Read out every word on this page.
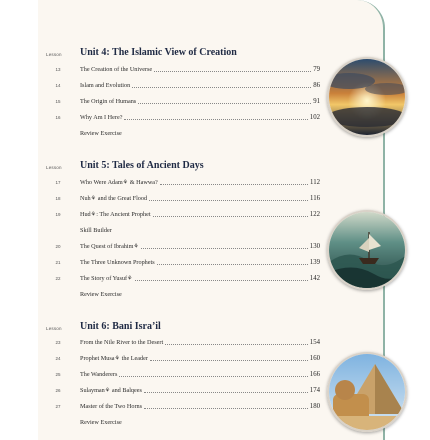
Lesson Unit 4: The Islamic View of Creation
13	The Creation of the Universe	79
14	Islam and Evolution	86
15	The Origin of Humans	91
16	Why Am I Here?	102
Review Exercise
Lesson Unit 5: Tales of Ancient Days
17	Who Were Adam⚘ & Hawwa?	112
18	Nuh⚘ and the Great Flood	116
19	Hud⚘: The Ancient Prophet	122
Skill Builder
20	The Quest of Ibrahim⚘	130
21	The Three Unknown Prophets	139
22	The Story of Yusuf⚘	142
Review Exercise
Lesson Unit 6: Bani Isra’il
23	From the Nile River to the Desert	154
24	Prophet Musa⚘ the Leader	160
25	The Wanderers	166
26	Sulayman⚘ and Balqees	174
27	Master of the Two Horns	180
Review Exercise
